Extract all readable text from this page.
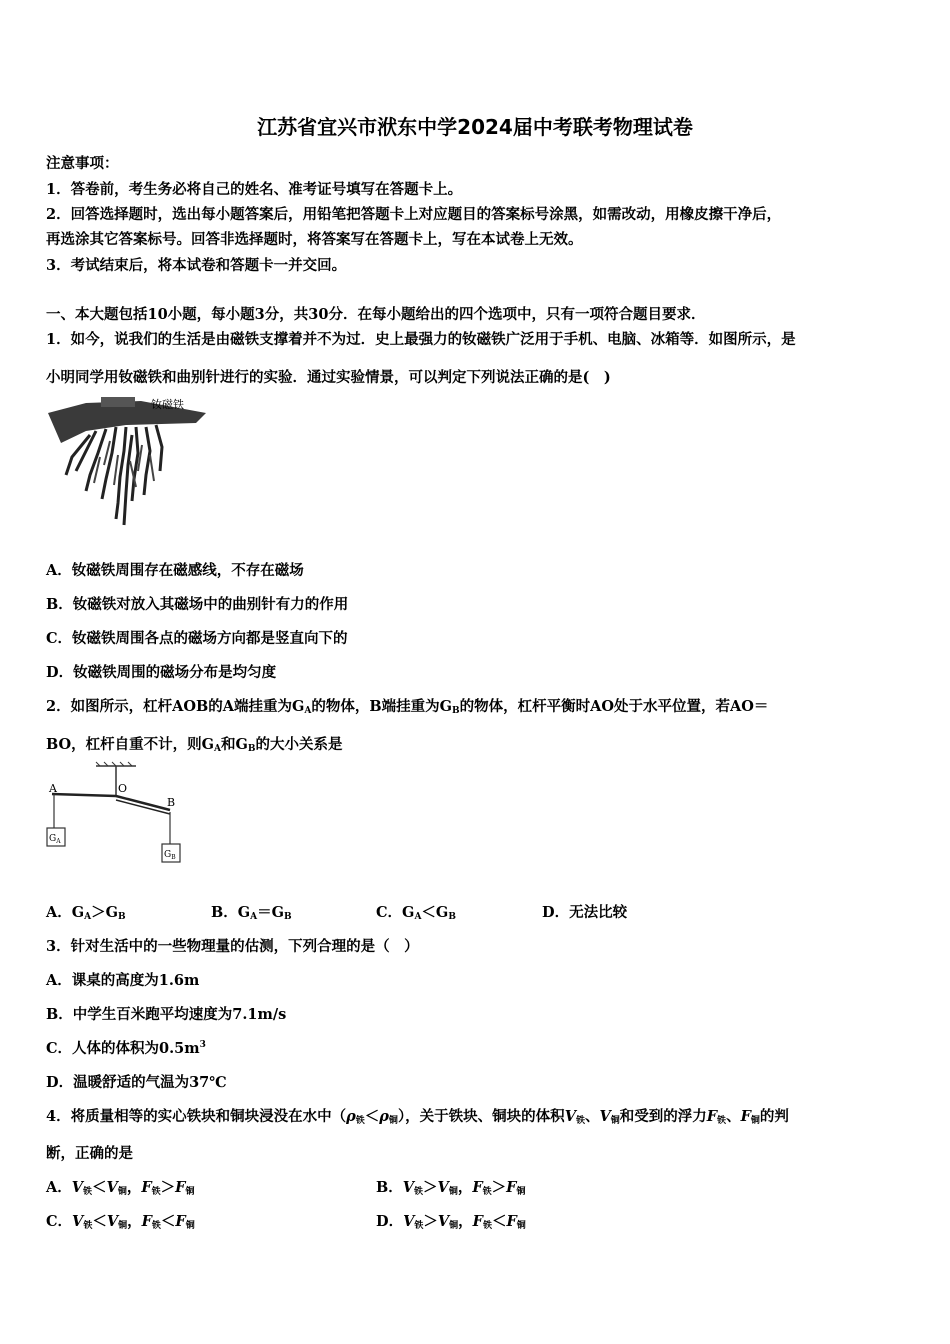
江苏省宜兴市洑东中学2024届中考联考物理试卷
注意事项：
1．答卷前，考生务必将自己的姓名、准考证号填写在答题卡上。
2．回答选择题时，选出每小题答案后，用铅笔把答题卡上对应题目的答案标号涂黑，如需改动，用橡皮擦干净后，
再选涂其它答案标号。回答非选择题时，将答案写在答题卡上，写在本试卷上无效。
3．考试结束后，将本试卷和答题卡一并交回。
一、本大题包括10小题，每小题3分，共30分．在每小题给出的四个选项中，只有一项符合题目要求．
1．如今，说我们的生活是由磁铁支撑着并不为过．史上最强力的钕磁铁广泛用于手机、电脑、冰箱等．如图所示，是
小明同学用钕磁铁和曲别针进行的实验．通过实验情景，可以判定下列说法正确的是(　)
钕磁铁
A．钕磁铁周围存在磁感线，不存在磁场
B．钕磁铁对放入其磁场中的曲别针有力的作用
C．钕磁铁周围各点的磁场方向都是竖直向下的
D．钕磁铁周围的磁场分布是均匀度
2．如图所示，杠杆AOB的A端挂重为$G_A$的物体，B端挂重为$G_B$的物体，杠杆平衡时AO处于水平位置，若AO＝
BO，杠杆自重不计，则$G_A$和$G_B$的大小关系是
A	O
B
$G_A$
$G_B$
A．$G_A>G_B$	B．$G_A=G_B$	C．$G_A<G_B$	D．无法比较
3．针对生活中的一些物理量的估测，下列合理的是（　）
A．课桌的高度为1.6m
B．中学生百米跑平均速度为7.1m/s
C．人体的体积为$0.5m^3$
D．温暖舒适的气温为37℃
4．将质量相等的实心铁块和铜块浸没在水中$(\rho_铁<\rho_铜)$，关于铁块、铜块的体积$V_铁$、$V_铜$和受到的浮力$F_铁$、$F_铜$的判
断，正确的是
A．$V_铁<V_铜$，$F_铁>F_铜$	B．$V_铁>V_铜$，$F_铁>F_铜$
C．$V_铁<V_铜$，$F_铁<F_铜$	D．$V_铁>V_铜$，$F_铁<F_铜$
